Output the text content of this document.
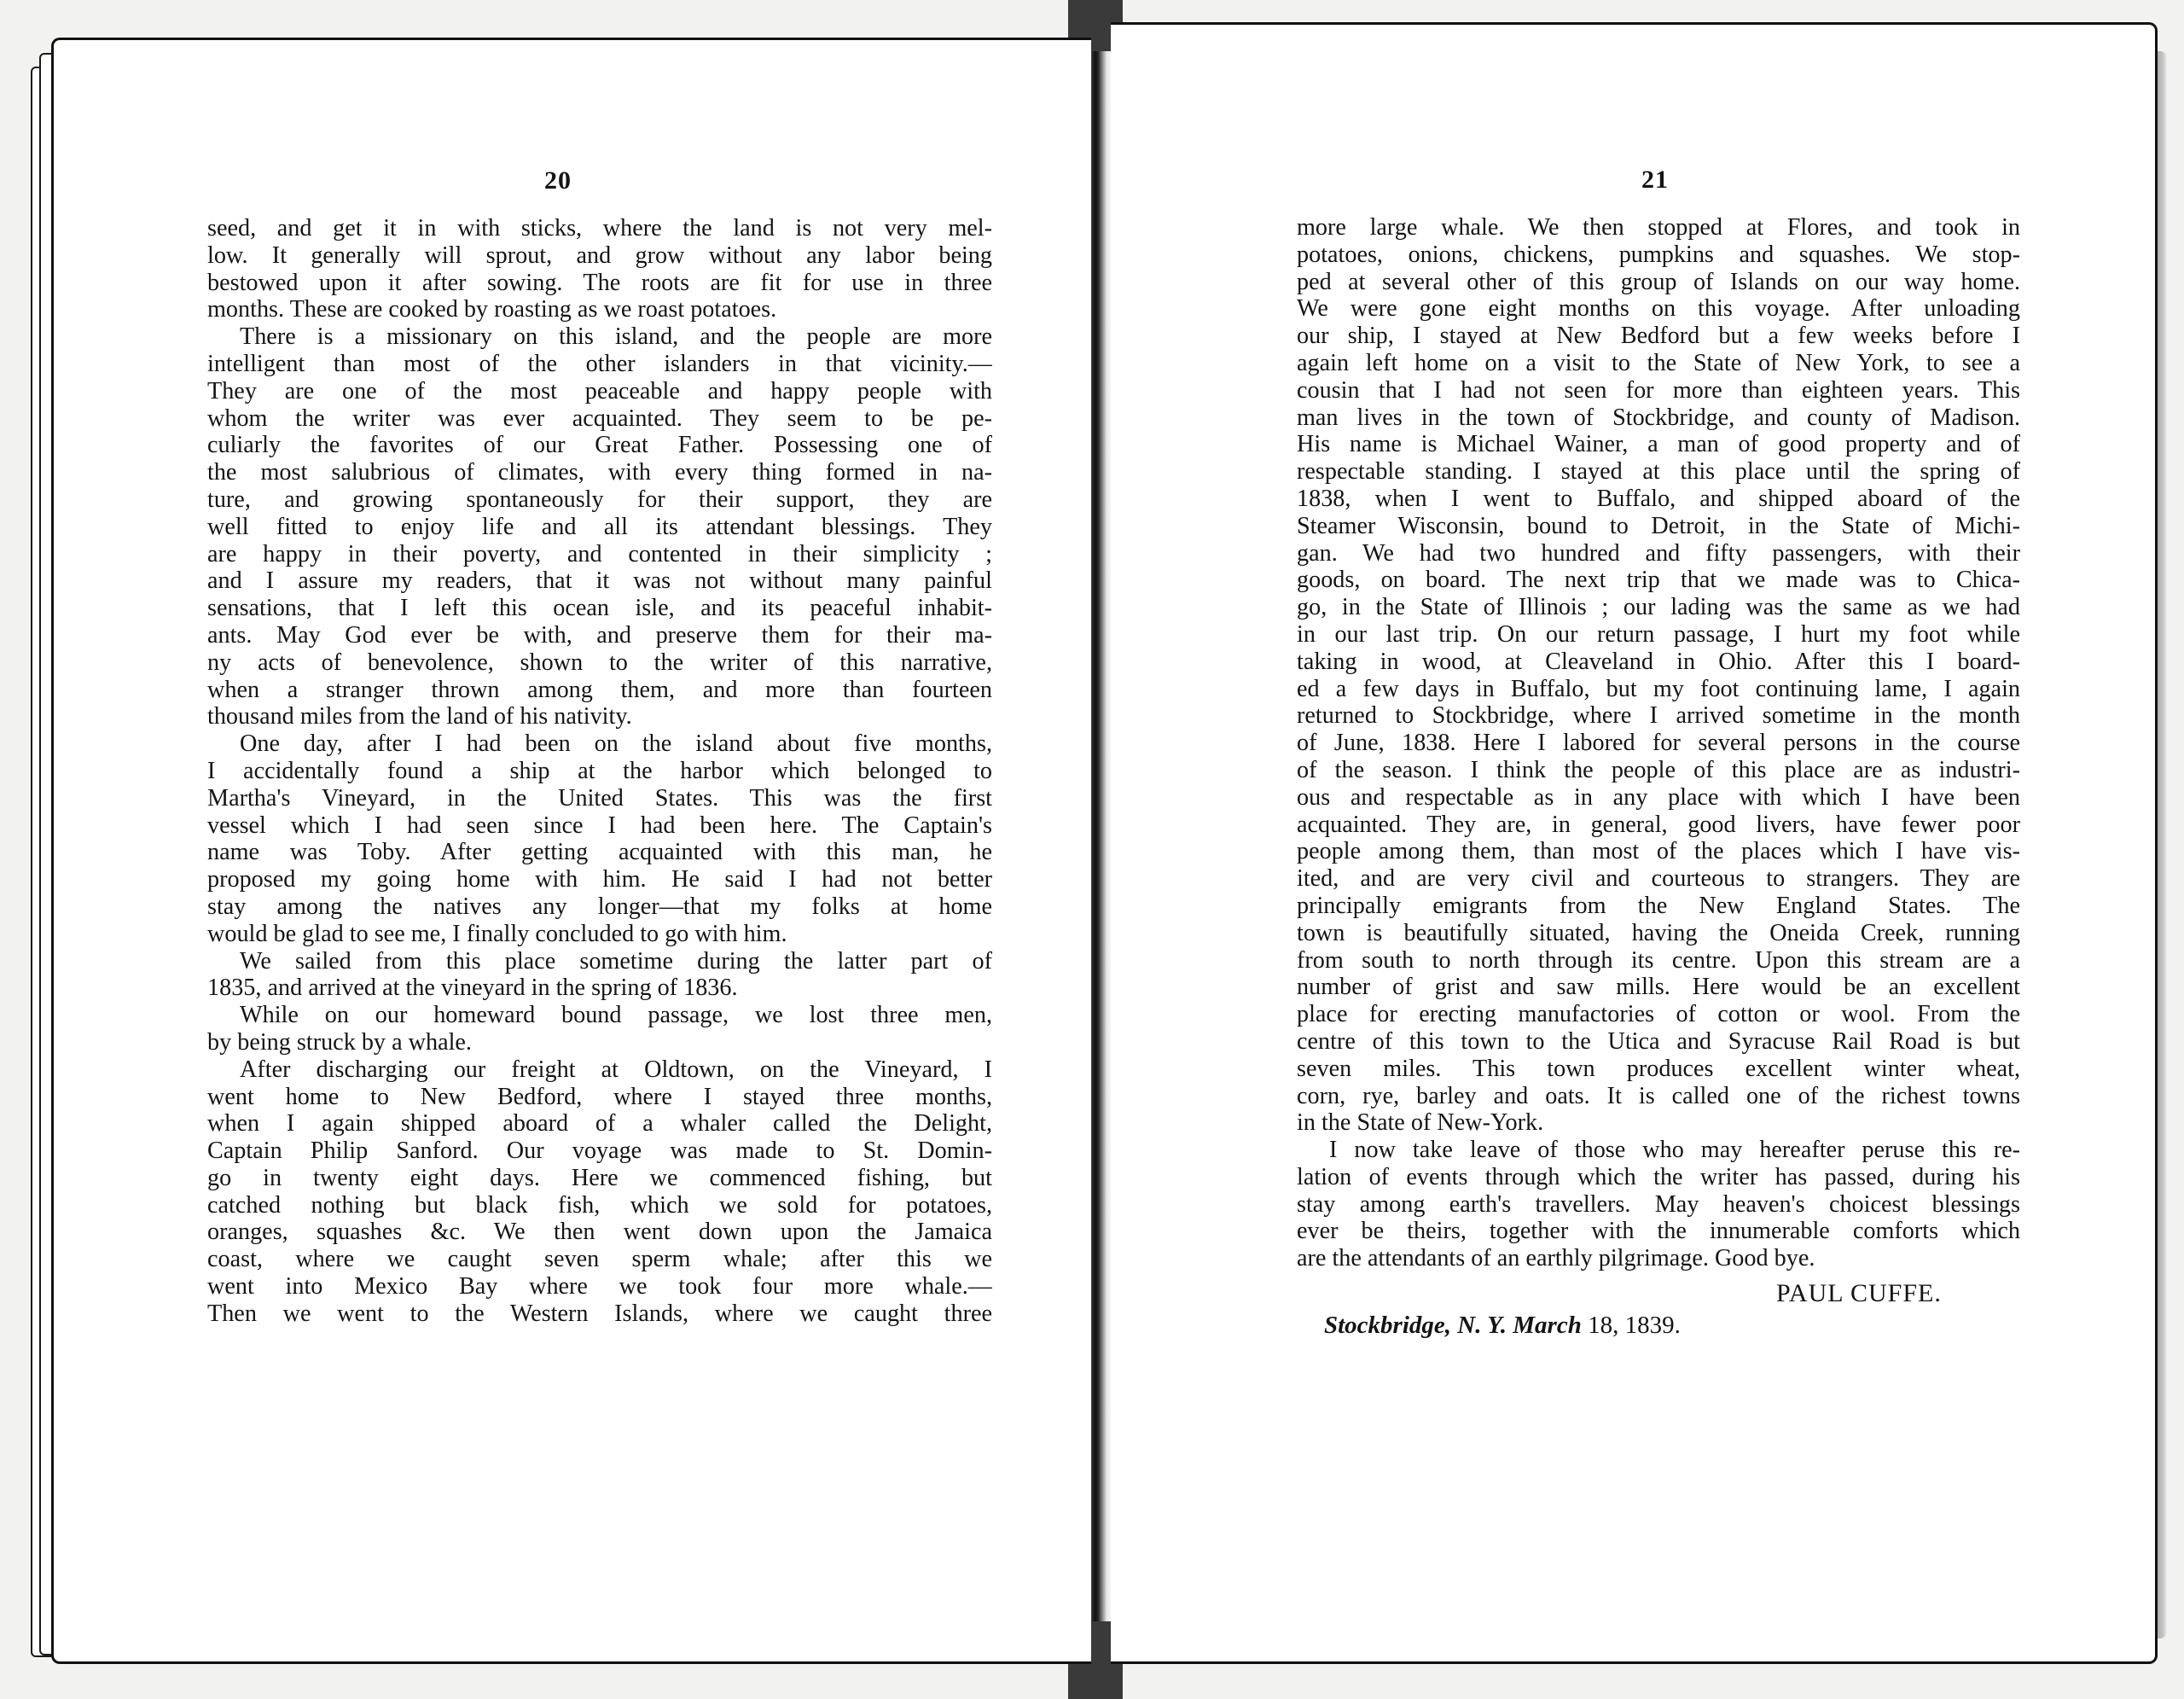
20
seed, and get it in with sticks, where the land is not very mel-
low. It generally will sprout, and grow without any labor being
bestowed upon it after sowing. The roots are fit for use in three
months. These are cooked by roasting as we roast potatoes.
There is a missionary on this island, and the people are more
intelligent than most of the other islanders in that vicinity.—
They are one of the most peaceable and happy people with
whom the writer was ever acquainted. They seem to be pe-
culiarly the favorites of our Great Father. Possessing one of
the most salubrious of climates, with every thing formed in na-
ture, and growing spontaneously for their support, they are
well fitted to enjoy life and all its attendant blessings. They
are happy in their poverty, and contented in their simplicity ;
and I assure my readers, that it was not without many painful
sensations, that I left this ocean isle, and its peaceful inhabit-
ants. May God ever be with, and preserve them for their ma-
ny acts of benevolence, shown to the writer of this narrative,
when a stranger thrown among them, and more than fourteen
thousand miles from the land of his nativity.
One day, after I had been on the island about five months,
I accidentally found a ship at the harbor which belonged to
Martha's Vineyard, in the United States. This was the first
vessel which I had seen since I had been here. The Captain's
name was Toby. After getting acquainted with this man, he
proposed my going home with him. He said I had not better
stay among the natives any longer—that my folks at home
would be glad to see me, I finally concluded to go with him.
We sailed from this place sometime during the latter part of
1835, and arrived at the vineyard in the spring of 1836.
While on our homeward bound passage, we lost three men,
by being struck by a whale.
After discharging our freight at Oldtown, on the Vineyard, I
went home to New Bedford, where I stayed three months,
when I again shipped aboard of a whaler called the Delight,
Captain Philip Sanford. Our voyage was made to St. Domin-
go in twenty eight days. Here we commenced fishing, but
catched nothing but black fish, which we sold for potatoes,
oranges, squashes &c. We then went down upon the Jamaica
coast, where we caught seven sperm whale; after this we
went into Mexico Bay where we took four more whale.—
Then we went to the Western Islands, where we caught three
21
more large whale. We then stopped at Flores, and took in
potatoes, onions, chickens, pumpkins and squashes. We stop-
ped at several other of this group of Islands on our way home.
We were gone eight months on this voyage. After unloading
our ship, I stayed at New Bedford but a few weeks before I
again left home on a visit to the State of New York, to see a
cousin that I had not seen for more than eighteen years. This
man lives in the town of Stockbridge, and county of Madison.
His name is Michael Wainer, a man of good property and of
respectable standing. I stayed at this place until the spring of
1838, when I went to Buffalo, and shipped aboard of the
Steamer Wisconsin, bound to Detroit, in the State of Michi-
gan. We had two hundred and fifty passengers, with their
goods, on board. The next trip that we made was to Chica-
go, in the State of Illinois ; our lading was the same as we had
in our last trip. On our return passage, I hurt my foot while
taking in wood, at Cleaveland in Ohio. After this I board-
ed a few days in Buffalo, but my foot continuing lame, I again
returned to Stockbridge, where I arrived sometime in the month
of June, 1838. Here I labored for several persons in the course
of the season. I think the people of this place are as industri-
ous and respectable as in any place with which I have been
acquainted. They are, in general, good livers, have fewer poor
people among them, than most of the places which I have vis-
ited, and are very civil and courteous to strangers. They are
principally emigrants from the New England States. The
town is beautifully situated, having the Oneida Creek, running
from south to north through its centre. Upon this stream are a
number of grist and saw mills. Here would be an excellent
place for erecting manufactories of cotton or wool. From the
centre of this town to the Utica and Syracuse Rail Road is but
seven miles. This town produces excellent winter wheat,
corn, rye, barley and oats. It is called one of the richest towns
in the State of New-York.
I now take leave of those who may hereafter peruse this re-
lation of events through which the writer has passed, during his
stay among earth's travellers. May heaven's choicest blessings
ever be theirs, together with the innumerable comforts which
are the attendants of an earthly pilgrimage. Good bye.
PAUL CUFFE.
Stockbridge, N. Y. March 18, 1839.
